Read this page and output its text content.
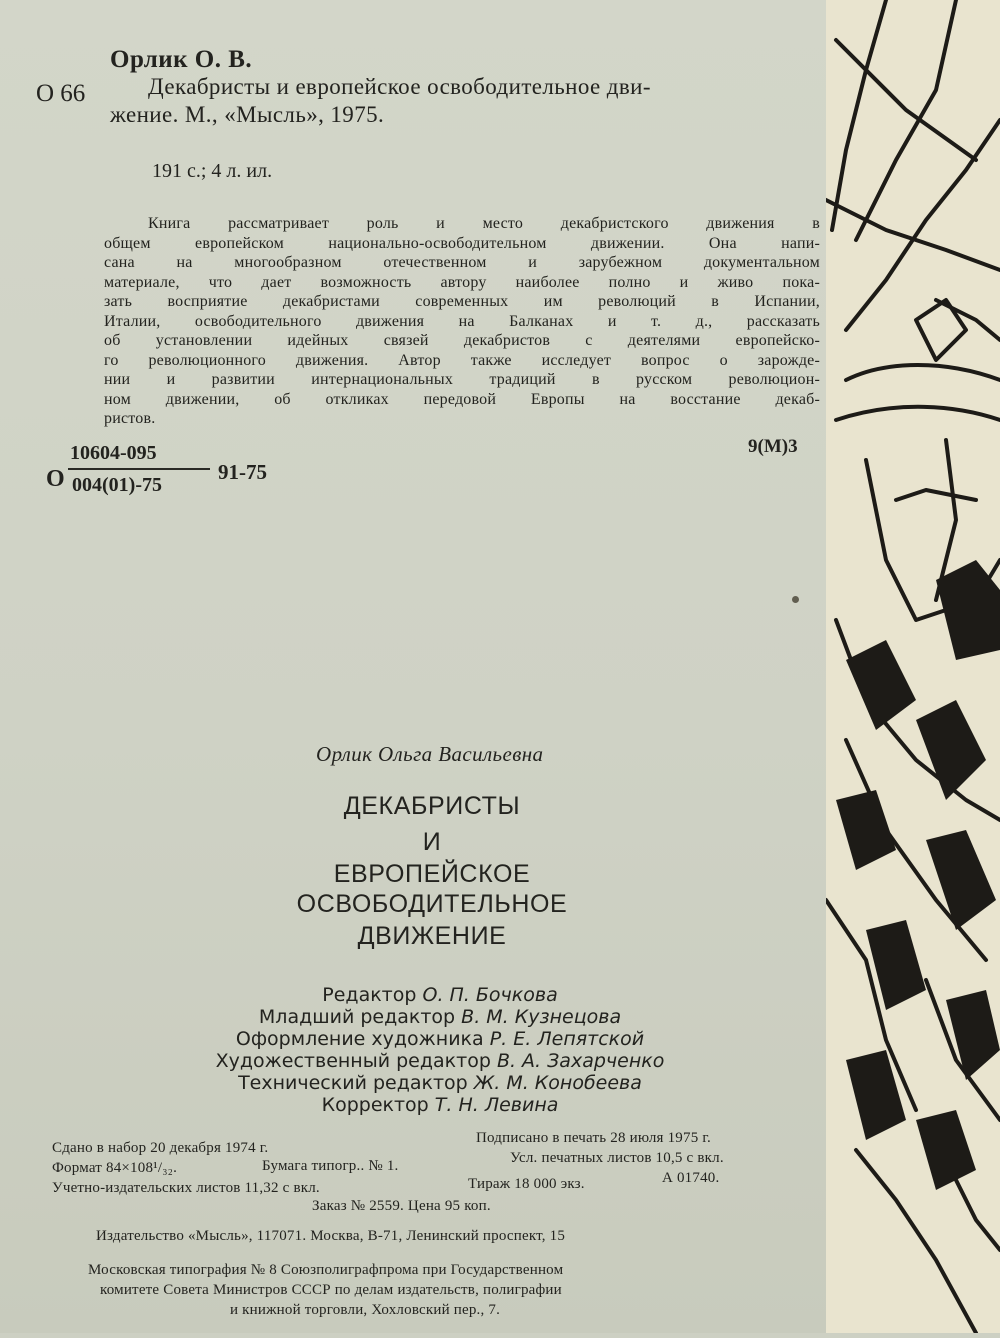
Орлик О. В.
О 66	Декабристы и европейское освободительное дви-
жение. М., «Мысль», 1975.
191 с.; 4 л. ил.
Книга рассматривает роль и место декабристского движения в
общем европейском национально-освободительном движении. Она напи-
сана на многообразном отечественном и зарубежном документальном
материале, что дает возможность автору наиболее полно и живо пока-
зать восприятие декабристами современных им революций в Испании,
Италии, освободительного движения на Балканах и т. д., рассказать
об установлении идейных связей декабристов с деятелями европейско-
го революционного движения. Автор также исследует вопрос о зарожде-
нии и развитии интернациональных традиций в русском революцион-
ном движении, об откликах передовой Европы на восстание декаб-
ристов.
9(М)3
О
10604-095
004(01)-75
91-75
Орлик Ольга Васильевна
ДЕКАБРИСТЫ
И
ЕВРОПЕЙСКОЕ
ОСВОБОДИТЕЛЬНОЕ
ДВИЖЕНИЕ
Редактор О. П. Бочкова
Младший редактор В. М. Кузнецова
Оформление художника Р. Е. Лепятской
Художественный редактор В. А. Захарченко
Технический редактор Ж. М. Конобеева
Корректор Т. Н. Левина
Сдано в набор 20 декабря 1974 г.
Подписано в печать 28 июля 1975 г.
Формат 84×108¹/₃₂.	Бумага типогр.. № 1.	Усл. печатных листов 10,5 с вкл.
Учетно-издательских листов 11,32 с вкл.	Тираж 18 000 экз.	А 01740.
Заказ № 2559. Цена 95 коп.
Издательство «Мысль», 117071. Москва, В-71, Ленинский проспект, 15
Московская типография № 8 Союзполиграфпрома при Государственном
комитете Совета Министров СССР по делам издательств, полиграфии
и книжной торговли, Хохловский пер., 7.
